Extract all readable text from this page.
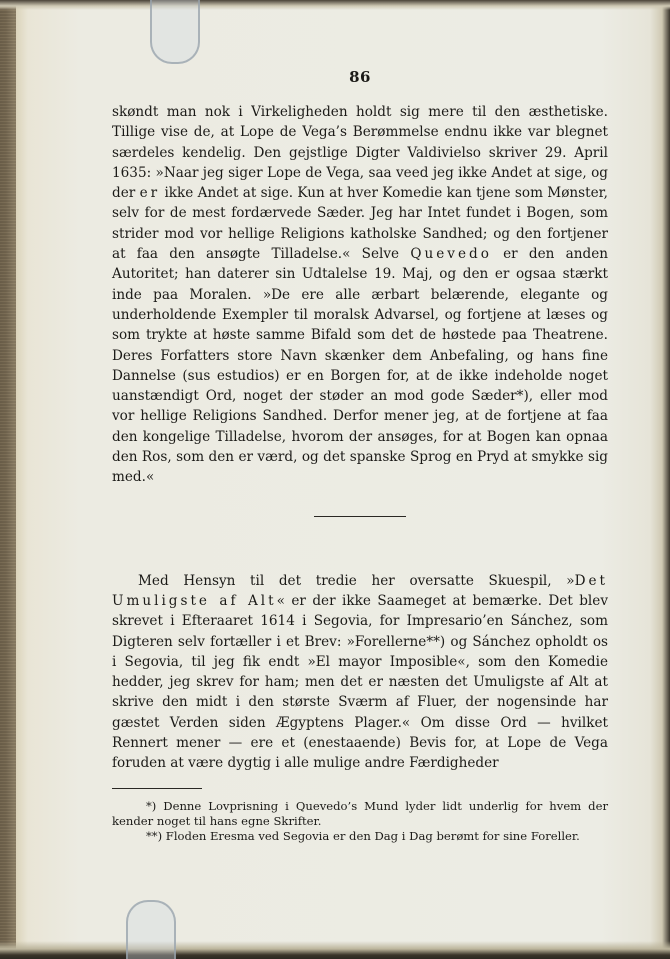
86

skøndt man nok i Virkeligheden holdt sig mere til den æsthetiske. Tillige vise de, at Lope de Vega’s Berømmelse endnu ikke var blegnet særdeles kendelig. Den gejstlige Digter Valdivielso skriver 29. April 1635: »Naar jeg siger Lope de Vega, saa veed jeg ikke Andet at sige, og der er ikke Andet at sige. Kun at hver Komedie kan tjene som Mønster, selv for de mest fordærvede Sæder. Jeg har Intet fundet i Bogen, som strider mod vor hellige Religions katholske Sandhed; og den fortjener at faa den ansøgte Tilladelse.« Selve Quevedo er den anden Autoritet; han daterer sin Udtalelse 19. Maj, og den er ogsaa stærkt inde paa Moralen. »De ere alle ærbart belærende, elegante og underholdende Exempler til moralsk Advarsel, og fortjene at læses og som trykte at høste samme Bifald som det de høstede paa Theatrene. Deres Forfatters store Navn skænker dem Anbefaling, og hans fine Dannelse (sus estudios) er en Borgen for, at de ikke indeholde noget uanstændigt Ord, noget der støder an mod gode Sæder*), eller mod vor hellige Religions Sandhed. Derfor mener jeg, at de fortjene at faa den kongelige Tilladelse, hvorom der ansøges, for at Bogen kan opnaa den Ros, som den er værd, og det spanske Sprog en Pryd at smykke sig med.«

Med Hensyn til det tredie her oversatte Skuespil, »Det Umuligste af Alt« er der ikke Saameget at bemærke. Det blev skrevet i Efteraaret 1614 i Segovia, for Impresario’en Sánchez, som Digteren selv fortæller i et Brev: »Forellerne**) og Sánchez opholdt os i Segovia, til jeg fik endt »El mayor Imposible«, som den Komedie hedder, jeg skrev for ham; men det er næsten det Umuligste af Alt at skrive den midt i den største Sværm af Fluer, der nogensinde har gæstet Verden siden Ægyptens Plager.« Om disse Ord — hvilket Rennert mener — ere et (enestaaende) Bevis for, at Lope de Vega foruden at være dygtig i alle mulige andre Færdigheder

*) Denne Lovprisning i Quevedo’s Mund lyder lidt underlig for hvem der kender noget til hans egne Skrifter.

**) Floden Eresma ved Segovia er den Dag i Dag berømt for sine Foreller.
